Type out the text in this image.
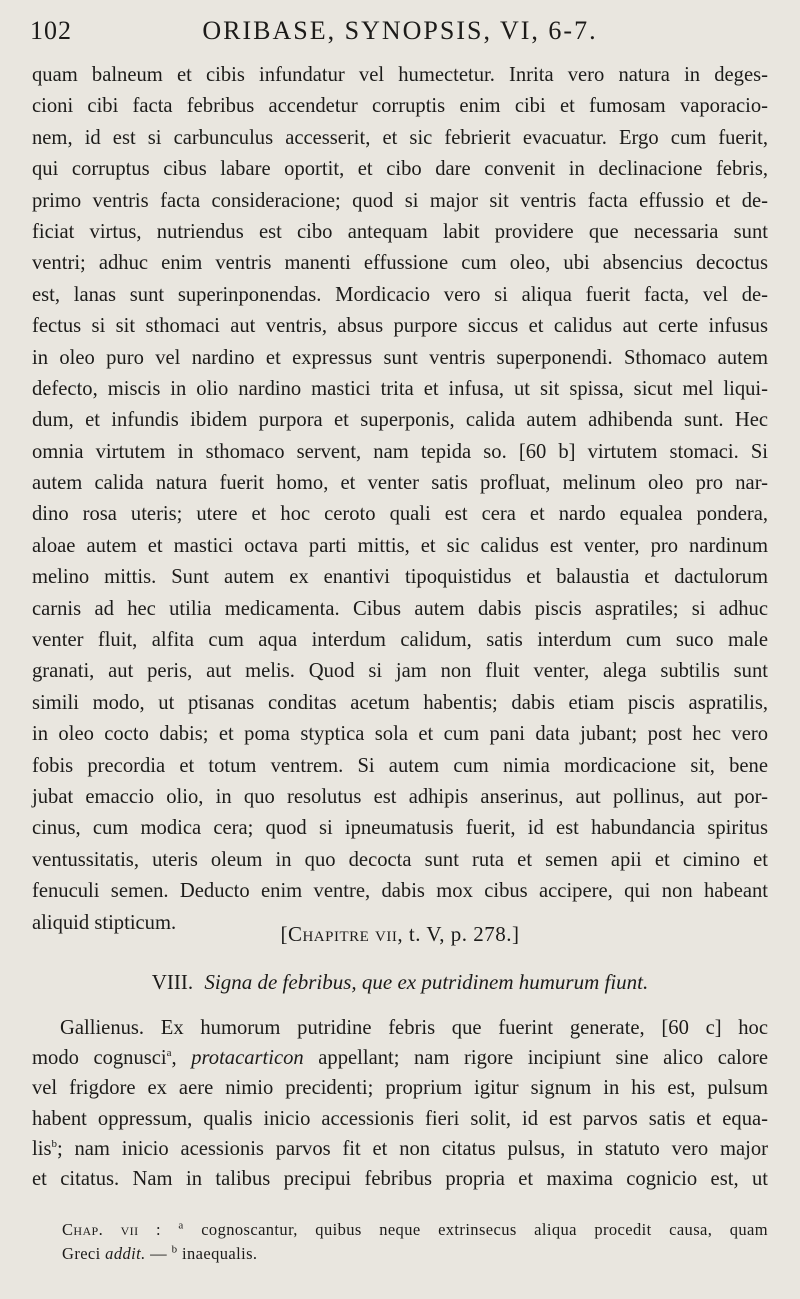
102	ORIBASE, SYNOPSIS, VI, 6-7.
quam balneum et cibis infundatur vel humectetur. Inrita vero natura in deges-
cioni cibi facta febribus accendetur corruptis enim cibi et fumosam vaporacio-
nem, id est si carbunculus accesserit, et sic febrierit evacuatur. Ergo cum fuerit,
qui corruptus cibus labare oportit, et cibo dare convenit in declinacione febris,
primo ventris facta consideracione; quod si major sit ventris facta effussio et de-
ficiat virtus, nutriendus est cibo antequam labit providere que necessaria sunt
ventri; adhuc enim ventris manenti effussione cum oleo, ubi absencius decoctus
est, lanas sunt superinponendas. Mordicacio vero si aliqua fuerit facta, vel de-
fectus si sit sthomaci aut ventris, absus purpore siccus et calidus aut certe infusus
in oleo puro vel nardino et expressus sunt ventris superponendi. Sthomaco autem
defecto, miscis in olio nardino mastici trita et infusa, ut sit spissa, sicut mel liqui-
dum, et infundis ibidem purpora et superponis, calida autem adhibenda sunt. Hec
omnia virtutem in sthomaco servent, nam tepida so. [60 b] virtutem stomaci. Si
autem calida natura fuerit homo, et venter satis profluat, melinum oleo pro nar-
dino rosa uteris; utere et hoc ceroto quali est cera et nardo equalea pondera,
aloae autem et mastici octava parti mittis, et sic calidus est venter, pro nardinum
melino mittis. Sunt autem ex enantivi tipoquistidus et balaustia et dactulorum
carnis ad hec utilia medicamenta. Cibus autem dabis piscis aspratiles; si adhuc
venter fluit, alfita cum aqua interdum calidum, satis interdum cum suco male
granati, aut peris, aut melis. Quod si jam non fluit venter, alega subtilis sunt
simili modo, ut ptisanas conditas acetum habentis; dabis etiam piscis aspratilis,
in oleo cocto dabis; et poma styptica sola et cum pani data jubant; post hec vero
fobis precordia et totum ventrem. Si autem cum nimia mordicacione sit, bene
jubat emaccio olio, in quo resolutus est adhipis anserinus, aut pollinus, aut por-
cinus, cum modica cera; quod si ipneumatusis fuerit, id est habundancia spiritus
ventussitatis, uteris oleum in quo decocta sunt ruta et semen apii et cimino et
fenuculi semen. Deducto enim ventre, dabis mox cibus accipere, qui non habeant
aliquid stipticum.	[Chapitre vii, t. V, p. 278.]
VIII. Signa de febribus, que ex putridinem humurum fiunt.
Gallienus. Ex humorum putridine febris que fuerint generate, [60 c] hoc
modo cognusci$^a$, protacarticon appellant; nam rigore incipiunt sine alico calore
vel frigdore ex aere nimio precidenti; proprium igitur signum in his est, pulsum
habent oppressum, qualis inicio accessionis fieri solit, id est parvos satis et equa-
lis$^b$; nam inicio acessionis parvos fit et non citatus pulsus, in statuto vero major
et citatus. Nam in talibus precipui febribus propria et maxima cognicio est, ut
Chap. vii : $^a$ cognoscantur, quibus neque extrinsecus aliqua procedit causa, quam
Greci addit. — $^b$ inaequalis.
